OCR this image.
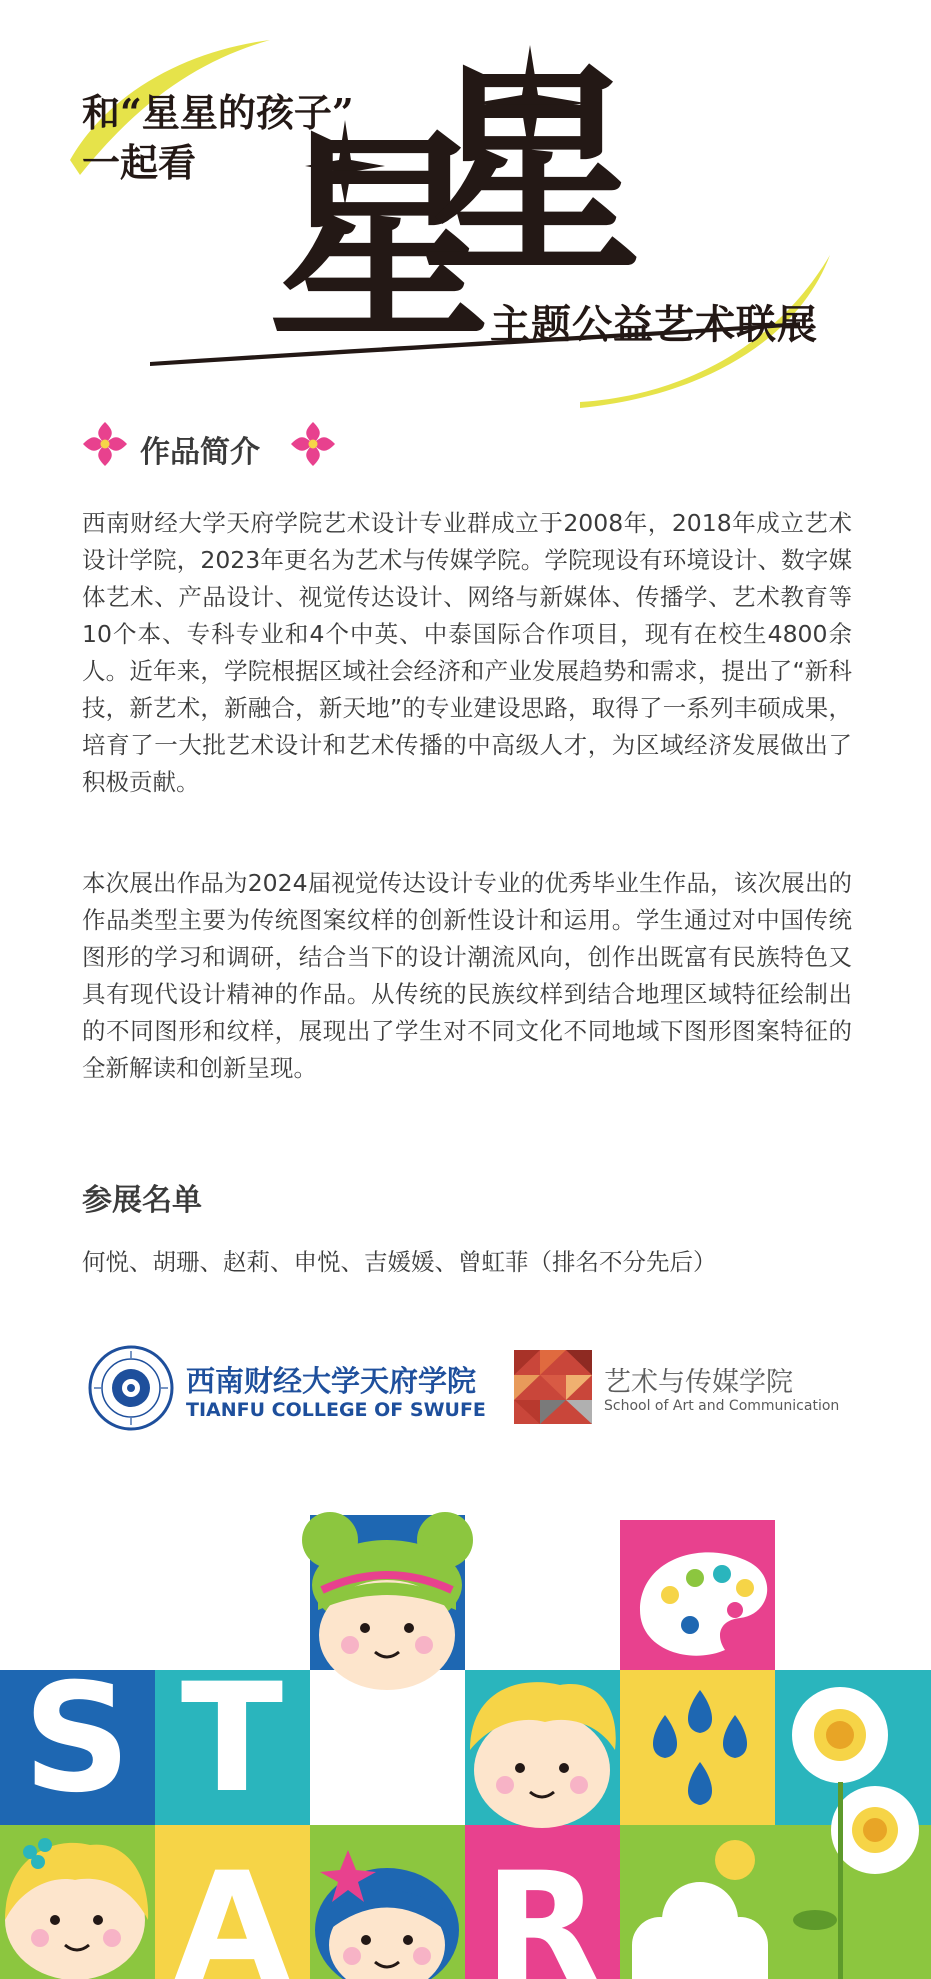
和“星星的孩子”
一起看 星
星
主题公益艺术联展
作品简介

西南财经大学天府学院艺术设计专业群成立于2008年，2018年成立艺术设计学院，2023年更名为艺术与传媒学院。学院现设有环境设计、数字媒体艺术、产品设计、视觉传达设计、网络与新媒体、传播学、艺术教育等10个本、专科专业和4个中英、中泰国际合作项目，现有在校生4800余人。近年来，学院根据区域社会经济和产业发展趋势和需求，提出了“新科技，新艺术，新融合，新天地”的专业建设思路，取得了一系列丰硕成果，培育了一大批艺术设计和艺术传播的中高级人才，为区域经济发展做出了积极贡献。

本次展出作品为2024届视觉传达设计专业的优秀毕业生作品，该次展出的作品类型主要为传统图案纹样的创新性设计和运用。学生通过对中国传统图形的学习和调研，结合当下的设计潮流风向，创作出既富有民族特色又具有现代设计精神的作品。从传统的民族纹样到结合地理区域特征绘制出的不同图形和纹样，展现出了学生对不同文化不同地域下图形图案特征的全新解读和创新呈现。

参展名单
何悦、胡珊、赵莉、申悦、吉媛媛、曾虹菲（排名不分先后）
西南财经大学天府学院
TIANFU COLLEGE OF SWUFE
艺术与传媒学院
School of Art and Communication
S T
A R
